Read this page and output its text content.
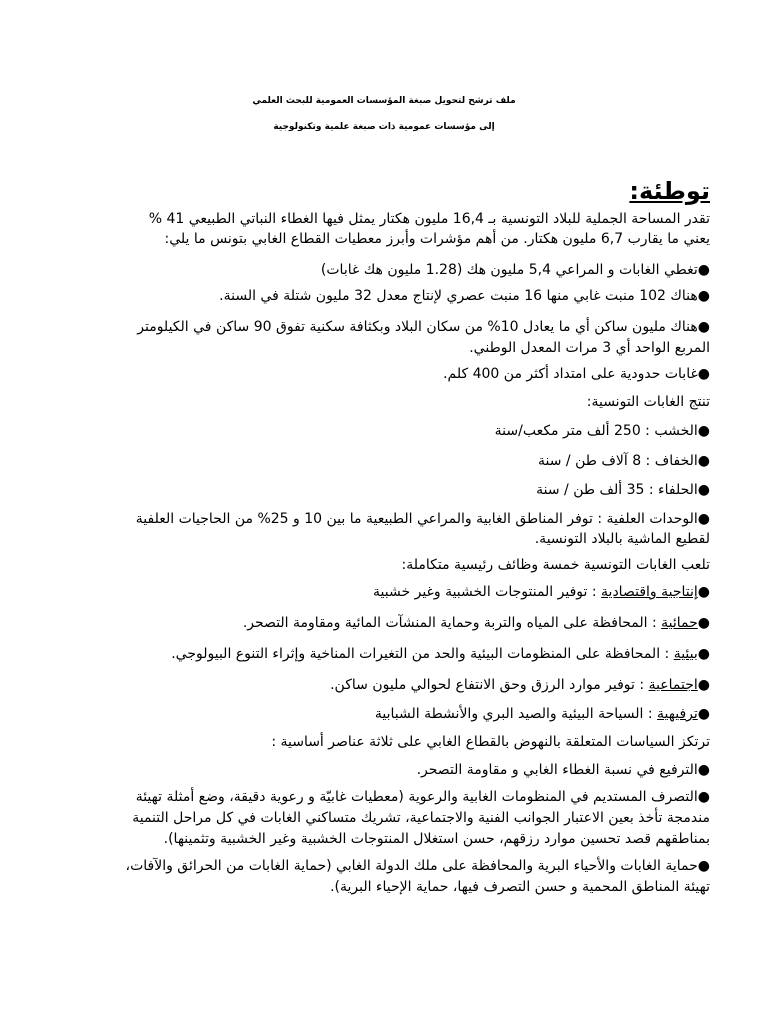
ملف ترشح لتحويل صبغة المؤسسات العمومية للبحث العلمي
إلى مؤسسات عمومية ذات صبغة علمية وتكنولوجية
توطئة:
تقدر المساحة الجملية للبلاد التونسية بـ 16,4 مليون هكتار يمثل فيها الغطاء النباتي الطبيعي 41 %
يعني ما يقارب 6,7 مليون هكتار. من أهم مؤشرات وأبرز معطيات القطاع الغابي بتونس ما يلي:
●تغطي الغابات و المراعي 5,4 مليون هك (1.28 مليون هك غابات)
●هناك 102 منبت غابي منها 16 منبت عصري لإنتاج معدل 32 مليون شتلة في السنة.
●هناك مليون ساكن أي ما يعادل 10% من سكان البلاد وبكثافة سكنية تفوق 90 ساكن في الكيلومتر
المربع الواحد أي 3 مرات المعدل الوطني.
●غابات حدودية على امتداد أكثر من 400 كلم.
تنتج الغابات التونسية:
●الخشب : 250 ألف متر مكعب/سنة
●الخفاف : 8 آلاف طن / سنة
●الحلفاء : 35 ألف طن / سنة
●الوحدات العلفية : توفر المناطق الغابية والمراعي الطبيعية ما بين 10 و 25% من الحاجيات العلفية
لقطيع الماشية بالبلاد التونسية.
تلعب الغابات التونسية خمسة وظائف رئيسية متكاملة:
●إنتاجية واقتصادية : توفير المنتوجات الخشبية وغير خشبية
●حمائية : المحافظة على المياه والتربة وحماية المنشآت المائية ومقاومة التصحر.
●بيئية : المحافظة على المنظومات البيئية والحد من التغيرات المناخية وإثراء التنوع البيولوجي.
●اجتماعية : توفير موارد الرزق وحق الانتفاع لحوالي مليون ساكن.
●ترفيهية : السياحة البيئية والصيد البري والأنشطة الشبابية
ترتكز السياسات المتعلقة بالنهوض بالقطاع الغابي على ثلاثة عناصر أساسية :
●الترفيع في نسبة الغطاء الغابي و مقاومة التصحر.
●التصرف المستديم في المنظومات الغابية والرعوية (معطيات غابيّة و رعوية دقيقة، وضع أمثلة تهيئة
مندمجة تأخذ بعين الاعتبار الجوانب الفنية والاجتماعية، تشريك متساكني الغابات في كل مراحل التنمية
بمناطقهم قصد تحسين موارد رزقهم، حسن استغلال المنتوجات الخشبية وغير الخشبية وتثمينها).
●حماية الغابات والأحياء البرية والمحافظة على ملك الدولة الغابي (حماية الغابات من الحرائق والآفات،
تهيئة المناطق المحمية و حسن التصرف فيها، حماية الإحياء البرية).
